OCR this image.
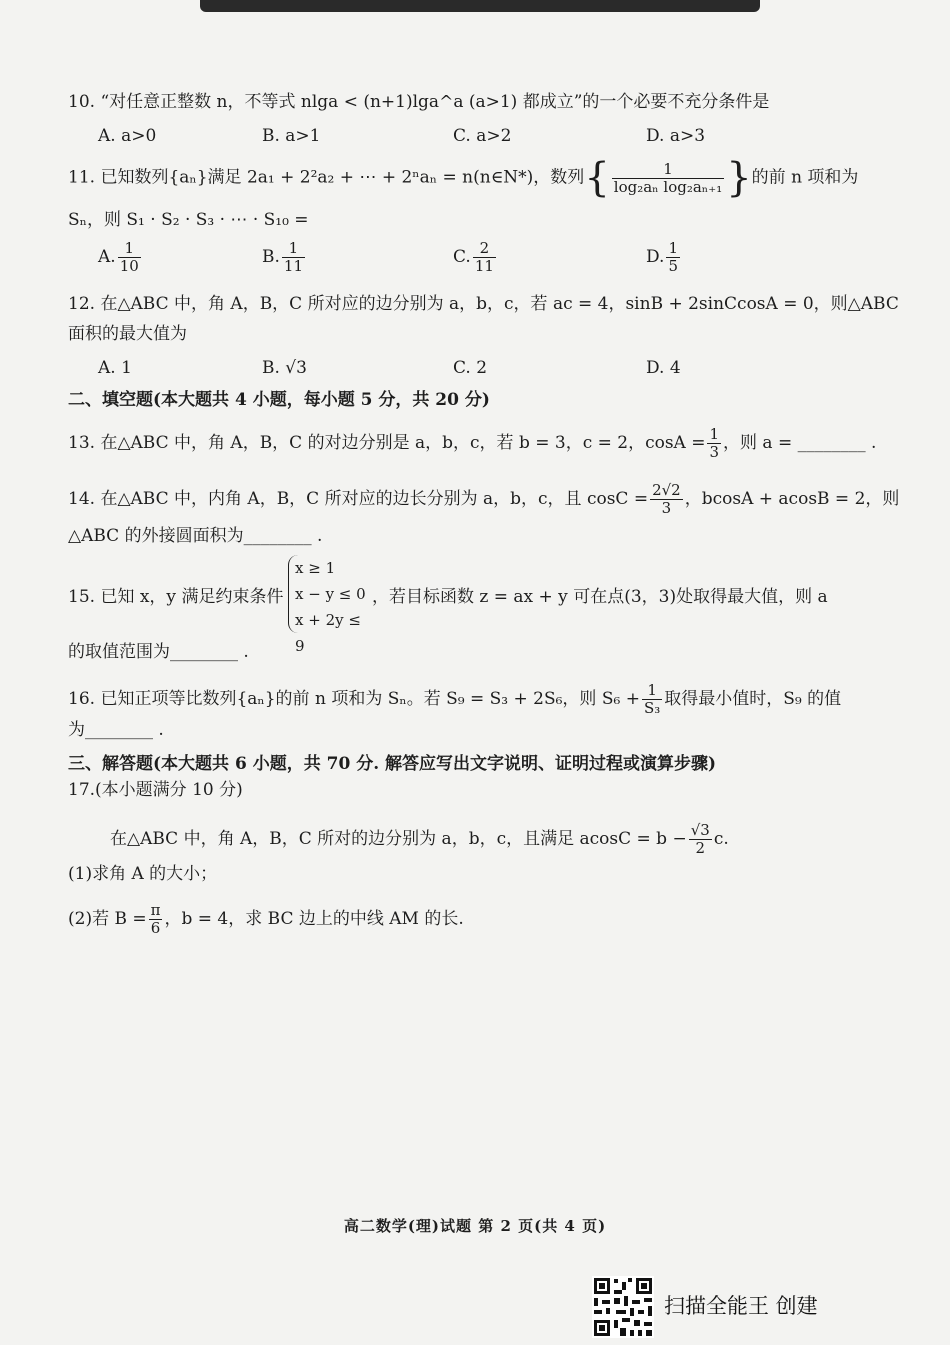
10. “对任意正整数 n，不等式 nlga < (n+1)lga^a (a>1) 都成立”的一个必要不充分条件是
A. a>0	B. a>1	C. a>2	D. a>3
11. 已知数列{aₙ}满足 2a₁ + 2²a₂ + ⋯ + 2ⁿaₙ = n(n∈N*)，数列{ $\frac{1}{\text{log₂aₙ log₂aₙ₊₁}}$ }的前 n 项和为
Sₙ，则 S₁ · S₂ · S₃ · ⋯ · S₁₀ =
A. $\frac{1}{10}$	B. $\frac{1}{11}$	C. $\frac{2}{11}$	D. $\frac{1}{5}$
12. 在△ABC 中，角 A，B，C 所对应的边分别为 a，b，c，若 ac = 4，sinB + 2sinCcosA = 0，则△ABC
面积的最大值为
A. 1	B. √3	C. 2	D. 4
二、填空题(本大题共 4 小题，每小题 5 分，共 20 分)
13. 在△ABC 中，角 A，B，C 的对边分别是 a，b，c，若 b = 3，c = 2，$\cos A = \frac{1}{3}$ ，则 a = ________ .
14. 在△ABC 中，内角 A，B，C 所对应的边长分别为 a，b，c，且 $\cos C = \frac{2√2}{3}$ ，bcosA + acosB = 2，则
△ABC 的外接圆面积为________ .
15. 已知 x，y 满足约束条件
x ≥ 1
x − y ≤ 0
x + 2y ≤ 9
，若目标函数 z = ax + y 可在点(3，3)处取得最大值，则 a
的取值范围为________ .
16. 已知正项等比数列{aₙ}的前 n 项和为 Sₙ。若 S₉ = S₃ + 2S₆，则 $S_6 + \frac{1}{\text{S₃}}$ 取得最小值时，S₉ 的值
为________ .
三、解答题(本大题共 6 小题，共 70 分. 解答应写出文字说明、证明过程或演算步骤)
17.(本小题满分 10 分)
在△ABC 中，角 A，B，C 所对的边分别为 a，b，c，且满足 $acosC = b - \frac{√3}{2} c$.
(1)求角 A 的大小；
(2)若 $B = \frac{\pi}{6}$ ，b = 4，求 BC 边上的中线 AM 的长.
高二数学(理)试题 第 2 页(共 4 页)
扫描全能王 创建
